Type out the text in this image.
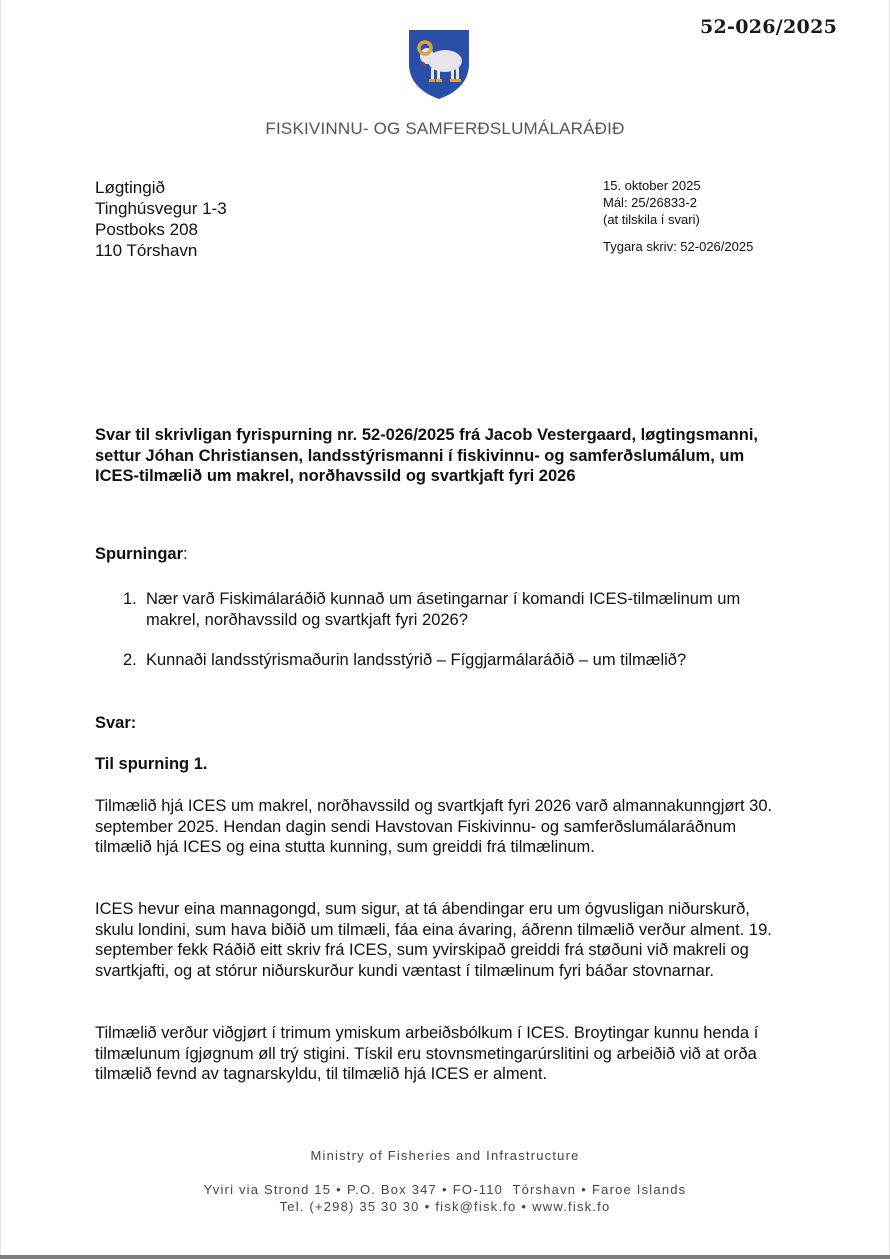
52-026/2025
FISKIVINNU- OG SAMFERÐSLUMÁLARÁÐIÐ
Løgtingið
Tinghúsvegur 1-3
Postboks 208
110 Tórshavn
15. oktober 2025
Mál: 25/26833-2
(at tilskila í svari)
Tygara skriv: 52-026/2025
Svar til skrivligan fyrispurning nr. 52-026/2025 frá Jacob Vestergaard, løgtingsmanni, settur Jóhan Christiansen, landsstýrismanni í fiskivinnu- og samferðslumálum, um ICES-tilmælið um makrel, norðhavssild og svartkjaft fyri 2026
Spurningar:
1. Nær varð Fiskimálaráðið kunnað um ásetingarnar í komandi ICES-tilmælinum um makrel, norðhavssild og svartkjaft fyri 2026?
2. Kunnaði landsstýrismaðurin landsstýrið – Fíggjarmálaráðið – um tilmælið?
Svar:
Til spurning 1.
Tilmælið hjá ICES um makrel, norðhavssild og svartkjaft fyri 2026 varð almannakunngjørt 30. september 2025. Hendan dagin sendi Havstovan Fiskivinnu- og samferðslumálaráðnum tilmælið hjá ICES og eina stutta kunning, sum greiddi frá tilmælinum.
ICES hevur eina mannagongd, sum sigur, at tá ábendingar eru um ógvusligan niðurskurð, skulu londini, sum hava biðið um tilmæli, fáa eina ávaring, áðrenn tilmælið verður alment. 19. september fekk Ráðið eitt skriv frá ICES, sum yvirskipað greiddi frá støðuni við makreli og svartkjafti, og at stórur niðurskurður kundi væntast í tilmælinum fyri báðar stovnarnar.
Tilmælið verður viðgjørt í trimum ymiskum arbeiðsbólkum í ICES. Broytingar kunnu henda í tilmælunum ígjøgnum øll trý stigini. Tískil eru stovnsmetingarúrslitini og arbeiðið við at orða tilmælið fevnd av tagnarskyldu, til tilmælið hjá ICES er alment.
Ministry of Fisheries and Infrastructure
Yviri via Strond 15 • P.O. Box 347 • FO-110  Tórshavn • Faroe Islands
Tel. (+298) 35 30 30 • fisk@fisk.fo • www.fisk.fo
